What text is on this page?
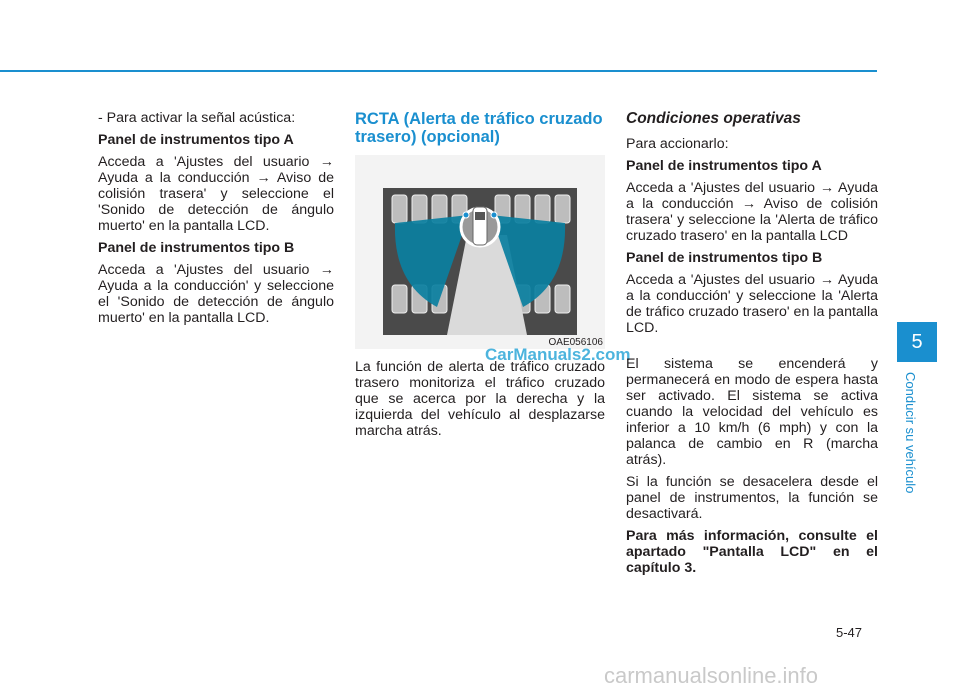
- Para activar la señal acústica:

Panel de instrumentos tipo A

Acceda a 'Ajustes del usuario → Ayuda a la conducción → Aviso de colisión trasera' y seleccione el 'Sonido de detección de ángulo muerto' en la pantalla LCD.

Panel de instrumentos tipo B

Acceda a 'Ajustes del usuario → Ayuda a la conducción' y seleccione el 'Sonido de detección de ángulo muerto' en la pantalla LCD.

RCTA (Alerta de tráfico cruzado trasero) (opcional)
OAE056106

La función de alerta de tráfico cruzado trasero monitoriza el tráfico cruzado que se acerca por la derecha y la izquierda del vehículo al desplazarse marcha atrás.

CarManuals2.com
Condiciones operativas

Para accionarlo:

Panel de instrumentos tipo A

Acceda a 'Ajustes del usuario → Ayuda a la conducción → Aviso de colisión trasera' y seleccione la 'Alerta de tráfico cruzado trasero' en la pantalla LCD

Panel de instrumentos tipo B

Acceda a 'Ajustes del usuario → Ayuda a la conducción' y seleccione la 'Alerta de tráfico cruzado trasero' en la pantalla LCD.

El sistema se encenderá y permanecerá en modo de espera hasta ser activado. El sistema se activa cuando la velocidad del vehículo es inferior a 10 km/h (6 mph) y con la palanca de cambio en R (marcha atrás).

Si la función se desacelera desde el panel de instrumentos, la función se desactivará.

Para más información, consulte el apartado "Pantalla LCD" en el capítulo 3.

5
Conducir su vehículo
5-47
carmanualsonline.info
